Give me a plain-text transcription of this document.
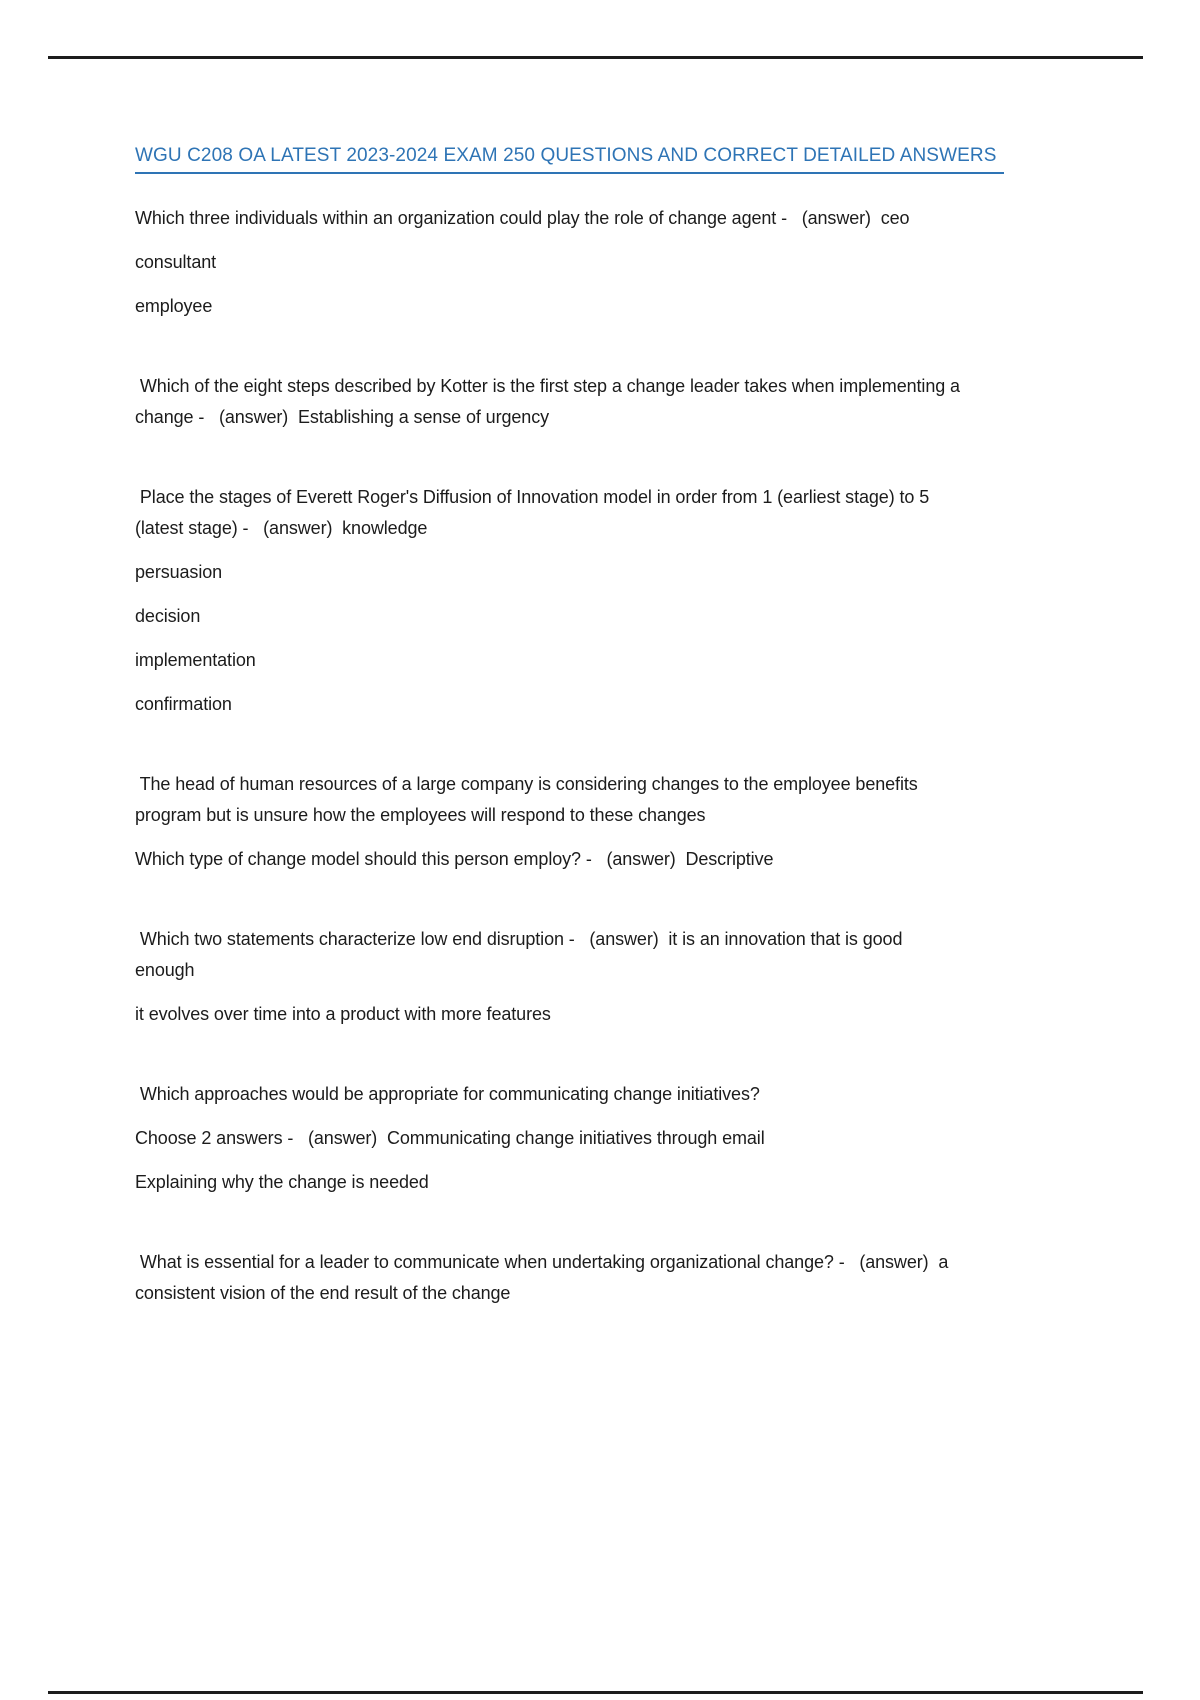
WGU C208 OA LATEST 2023-2024 EXAM 250 QUESTIONS AND CORRECT DETAILED ANSWERS
Which three individuals within an organization could play the role of change agent -   (answer)  ceo
consultant
employee
Which of the eight steps described by Kotter is the first step a change leader takes when implementing a
change -   (answer)  Establishing a sense of urgency
Place the stages of Everett Roger's Diffusion of Innovation model in order from 1 (earliest stage) to 5
(latest stage) -   (answer)  knowledge
persuasion
decision
implementation
confirmation
The head of human resources of a large company is considering changes to the employee benefits
program but is unsure how the employees will respond to these changes
Which type of change model should this person employ? -   (answer)  Descriptive
Which two statements characterize low end disruption -   (answer)  it is an innovation that is good
enough
it evolves over time into a product with more features
Which approaches would be appropriate for communicating change initiatives?
Choose 2 answers -   (answer)  Communicating change initiatives through email
Explaining why the change is needed
What is essential for a leader to communicate when undertaking organizational change? -   (answer)  a
consistent vision of the end result of the change
